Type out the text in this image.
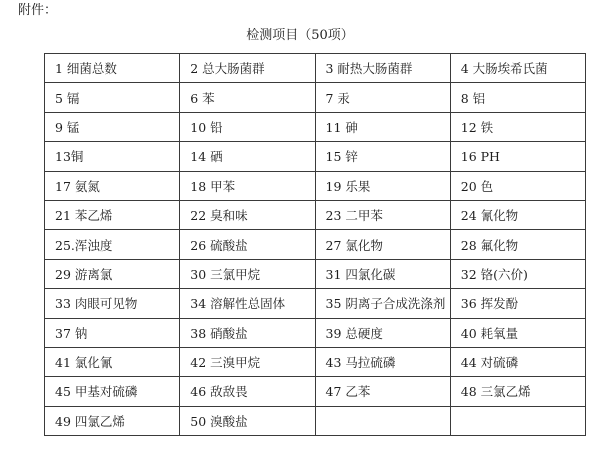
附件：
检测项目（50项）
1 细菌总数	2 总大肠菌群	3 耐热大肠菌群	4 大肠埃希氏菌
5 镉	6 苯	7 汞	8 铝
9 锰	10 铅	11 砷	12 铁
13铜	14 硒	15 锌	16 PH
17 氨氮	18 甲苯	19 乐果	20 色
21 苯乙烯	22 臭和味	23 二甲苯	24 氰化物
25.浑浊度	26 硫酸盐	27 氯化物	28 氟化物
29 游离氯	30 三氯甲烷	31 四氯化碳	32 铬(六价)
33 肉眼可见物	34 溶解性总固体	35 阴离子合成洗涤剂	36 挥发酚
37 钠	38 硝酸盐	39 总硬度	40 耗氧量
41 氯化氰	42 三溴甲烷	43 马拉硫磷	44 对硫磷
45 甲基对硫磷	46 敌敌畏	47 乙苯	48 三氯乙烯
49 四氯乙烯	50 溴酸盐		
